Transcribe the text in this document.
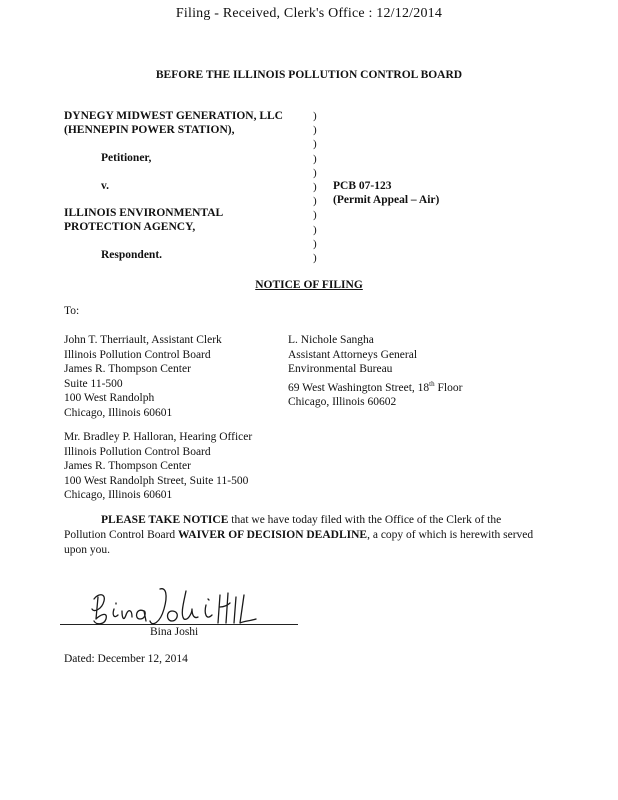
Filing - Received, Clerk's Office : 12/12/2014
BEFORE THE ILLINOIS POLLUTION CONTROL BOARD
DYNEGY MIDWEST GENERATION, LLC
(HENNEPIN POWER STATION),
Petitioner,
v.
ILLINOIS ENVIRONMENTAL
PROTECTION AGENCY,
Respondent.
)
)
)
)
)
)
)
)
)
)
)
PCB 07-123
(Permit Appeal – Air)
NOTICE OF FILING
To:
John T. Therriault, Assistant Clerk
Illinois Pollution Control Board
James R. Thompson Center
Suite 11-500
100 West Randolph
Chicago, Illinois 60601
L. Nichole Sangha
Assistant Attorneys General
Environmental Bureau
69 West Washington Street, 18th Floor
Chicago, Illinois 60602
Mr. Bradley P. Halloran, Hearing Officer
Illinois Pollution Control Board
James R. Thompson Center
100 West Randolph Street, Suite 11-500
Chicago, Illinois 60601
PLEASE TAKE NOTICE that we have today filed with the Office of the Clerk of the Pollution Control Board WAIVER OF DECISION DEADLINE, a copy of which is herewith served upon you.
Bina Joshi
Dated: December 12, 2014
